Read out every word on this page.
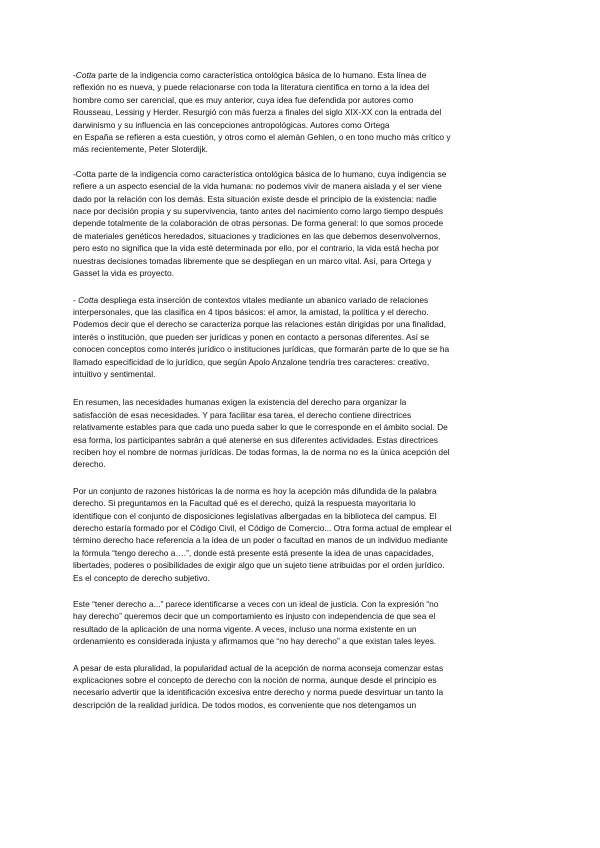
-Cotta parte de la indigencia como característica ontológica básica de lo humano. Esta línea de
reflexión no es nueva, y puede relacionarse con toda la literatura científica en torno a la idea del
hombre como ser carencial, que es muy anterior, cuya idea fue defendida por autores como
Rousseau, Lessing y Herder. Resurgió con más fuerza a finales del siglo XIX-XX con la entrada del
darwinismo y su influencia en las concepciones antropológicas. Autores como Ortega
en España se refieren a esta cuestión, y otros como el alemán Gehlen, o en tono mucho más crítico y
más recientemente, Peter Sloterdijk.

-Cotta parte de la indigencia como característica ontológica básica de lo humano, cuya indigencia se
refiere a un aspecto esencial de la vida humana: no podemos vivir de manera aislada y el ser viene
dado por la relación con los demás. Esta situación existe desde el principio de la existencia: nadie
nace por decisión propia y su supervivencia, tanto antes del nacimiento como largo tiempo después
depende totalmente de la colaboración de otras personas. De forma general: lo que somos procede
de materiales genéticos heredados, situaciones y tradiciones en las que debemos desenvolvernos,
pero esto no significa que la vida esté determinada por ello, por el contrario, la vida está hecha por
nuestras decisiones tomadas libremente que se despliegan en un marco vital. Así, para Ortega y
Gasset la vida es proyecto.

- Cotta despliega esta inserción de contextos vitales mediante un abanico variado de relaciones
interpersonales, que las clasifica en 4 tipos básicos: el amor, la amistad, la política y el derecho.
Podemos decir que el derecho se caracteriza porque las relaciones están dirigidas por una finalidad,
interés o institución, que pueden ser jurídicas y ponen en contacto a personas diferentes. Así se
conocen conceptos como interés jurídico o instituciones jurídicas, que formarán parte de lo que se ha
llamado especificidad de lo jurídico, que según Apolo Anzalone tendría tres caracteres: creativo,
intuitivo y sentimental.

En resumen, las necesidades humanas exigen la existencia del derecho para organizar la
satisfacción de esas necesidades. Y para facilitar esa tarea, el derecho contiene directrices
relativamente estables para que cada uno pueda saber lo que le corresponde en el ámbito social. De
esa forma, los participantes sabrán a qué atenerse en sus diferentes actividades. Estas directrices
reciben hoy el nombre de normas jurídicas. De todas formas, la de norma no es la única acepción del
derecho.

Por un conjunto de razones históricas la de norma es hoy la acepción más difundida de la palabra
derecho. Si preguntamos en la Facultad qué es el derecho, quizá la respuesta mayoritaria lo
identifique con el conjunto de disposiciones legislativas albergadas en la biblioteca del campus. El
derecho estaría formado por el Código Civil, el Código de Comercio... Otra forma actual de emplear el
término derecho hace referencia a la idea de un poder o facultad en manos de un individuo mediante
la fórmula “tengo derecho a….”, donde está presente está presente la idea de unas capacidades,
libertades, poderes o posibilidades de exigir algo que un sujeto tiene atribuidas por el orden jurídico.
Es el concepto de derecho subjetivo.

Este “tener derecho a...” parece identificarse a veces con un ideal de justicia. Con la expresión “no
hay derecho” queremos decir que un comportamiento es injusto con independencia de que sea el
resultado de la aplicación de una norma vigente. A veces, incluso una norma existente en un
ordenamiento es considerada injusta y afirmamos que “no hay derecho” a que existan tales leyes.

A pesar de esta pluralidad, la popularidad actual de la acepción de norma aconseja comenzar estas
explicaciones sobre el concepto de derecho con la noción de norma, aunque desde el principio es
necesario advertir que la identificación excesiva entre derecho y norma puede desvirtuar un tanto la
descripción de la realidad jurídica. De todos modos, es conveniente que nos detengamos un
